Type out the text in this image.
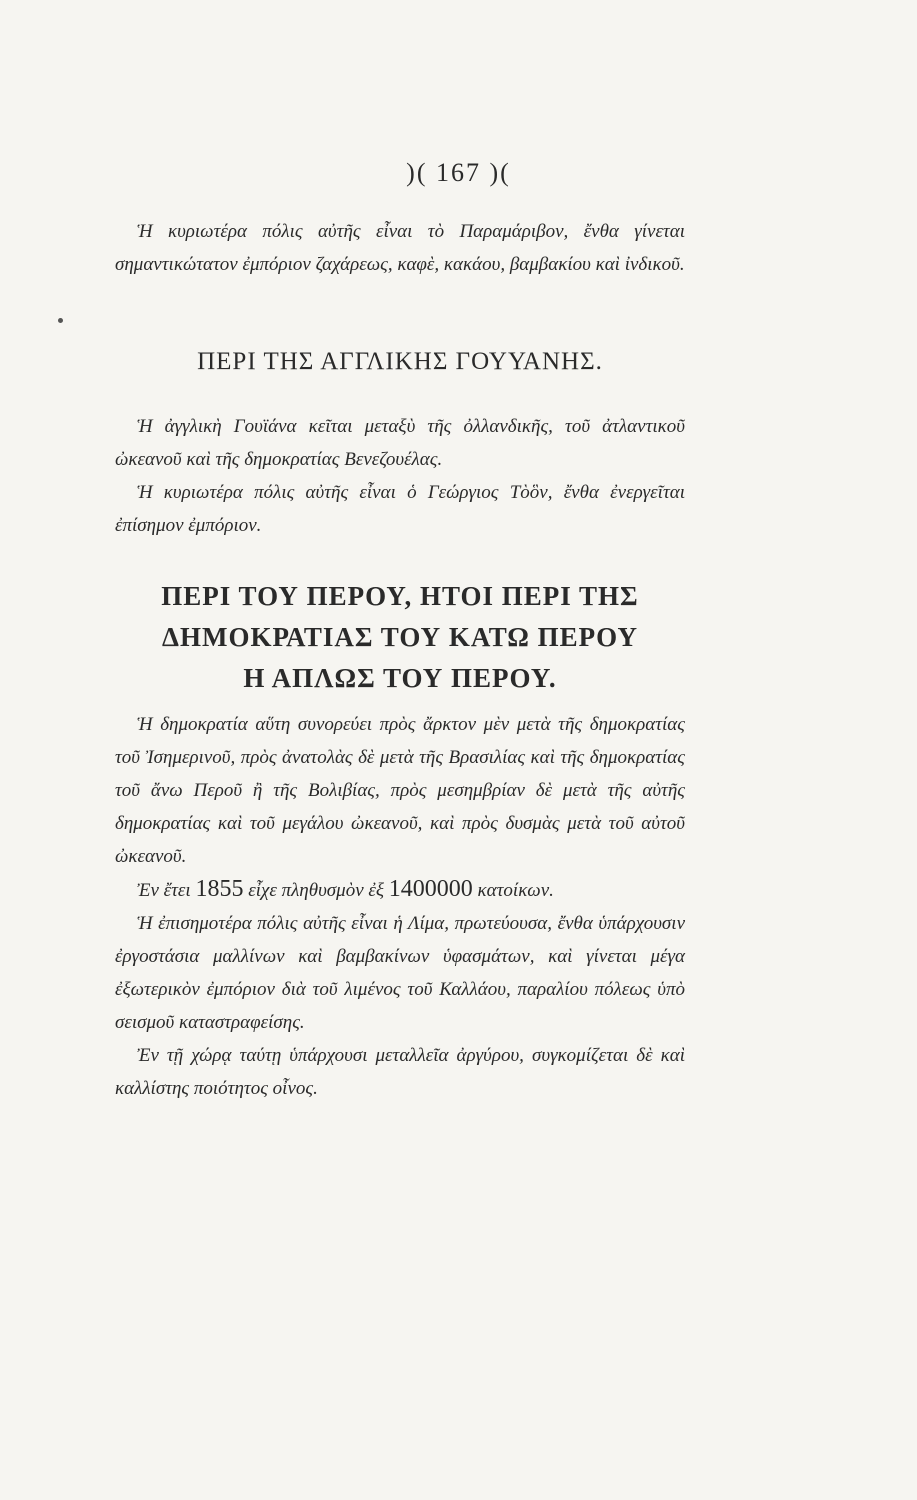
)( 167 )(

Ἡ κυριωτέρα πόλις αὐτῆς εἶναι τὸ Παραμάριβον, ἔνθα γίνεται σημαντικώτατον ἐμπόριον ζαχάρεως, καφὲ, κακάου, βαμβακίου καὶ ἰνδικοῦ.

ΠΕΡΙ ΤΗΣ ΑΓΓΛΙΚΗΣ ΓΟΥΥΑΝΗΣ.

Ἡ ἀγγλικὴ Γουϊάνα κεῖται μεταξὺ τῆς ὀλλανδικῆς, τοῦ ἀτλαντικοῦ ὠκεανοῦ καὶ τῆς δημοκρατίας Βενεζουέλας.

Ἡ κυριωτέρα πόλις αὐτῆς εἶναι ὁ Γεώργιος Τὸὃν, ἔνθα ἐνεργεῖται ἐπίσημον ἐμπόριον.

ΠΕΡΙ ΤΟΥ ΠΕΡΟΥ, ΗΤΟΙ ΠΕΡΙ ΤΗΣ

ΔΗΜΟΚΡΑΤΙΑΣ ΤΟΥ ΚΑΤΩ ΠΕΡΟΥ

Η ΑΠΛΩΣ ΤΟΥ ΠΕΡΟΥ.

Ἡ δημοκρατία αὕτη συνορεύει πρὸς ἄρκτον μὲν μετὰ τῆς δημοκρατίας τοῦ Ἰσημερινοῦ, πρὸς ἀνατολὰς δὲ μετὰ τῆς Βρασιλίας καὶ τῆς δημοκρατίας τοῦ ἄνω Περοῦ ἢ τῆς Βολιβίας, πρὸς μεσημβρίαν δὲ μετὰ τῆς αὐτῆς δημοκρατίας καὶ τοῦ μεγάλου ὠκεανοῦ, καὶ πρὸς δυσμὰς μετὰ τοῦ αὐτοῦ ὠκεανοῦ.

Ἐν ἔτει 1855 εἶχε πληθυσμὸν ἐξ 1400000 κατοίκων.

Ἡ ἐπισημοτέρα πόλις αὐτῆς εἶναι ἡ Λίμα, πρωτεύουσα, ἔνθα ὑπάρχουσιν ἐργοστάσια μαλλίνων καὶ βαμβακίνων ὑφασμάτων, καὶ γίνεται μέγα ἐξωτερικὸν ἐμπόριον διὰ τοῦ λιμένος τοῦ Καλλάου, παραλίου πόλεως ὑπὸ σεισμοῦ καταστραφείσης.

Ἐν τῇ χώρᾳ ταύτῃ ὑπάρχουσι μεταλλεῖα ἀργύρου, συγκομίζεται δὲ καὶ καλλίστης ποιότητος οἶνος.
